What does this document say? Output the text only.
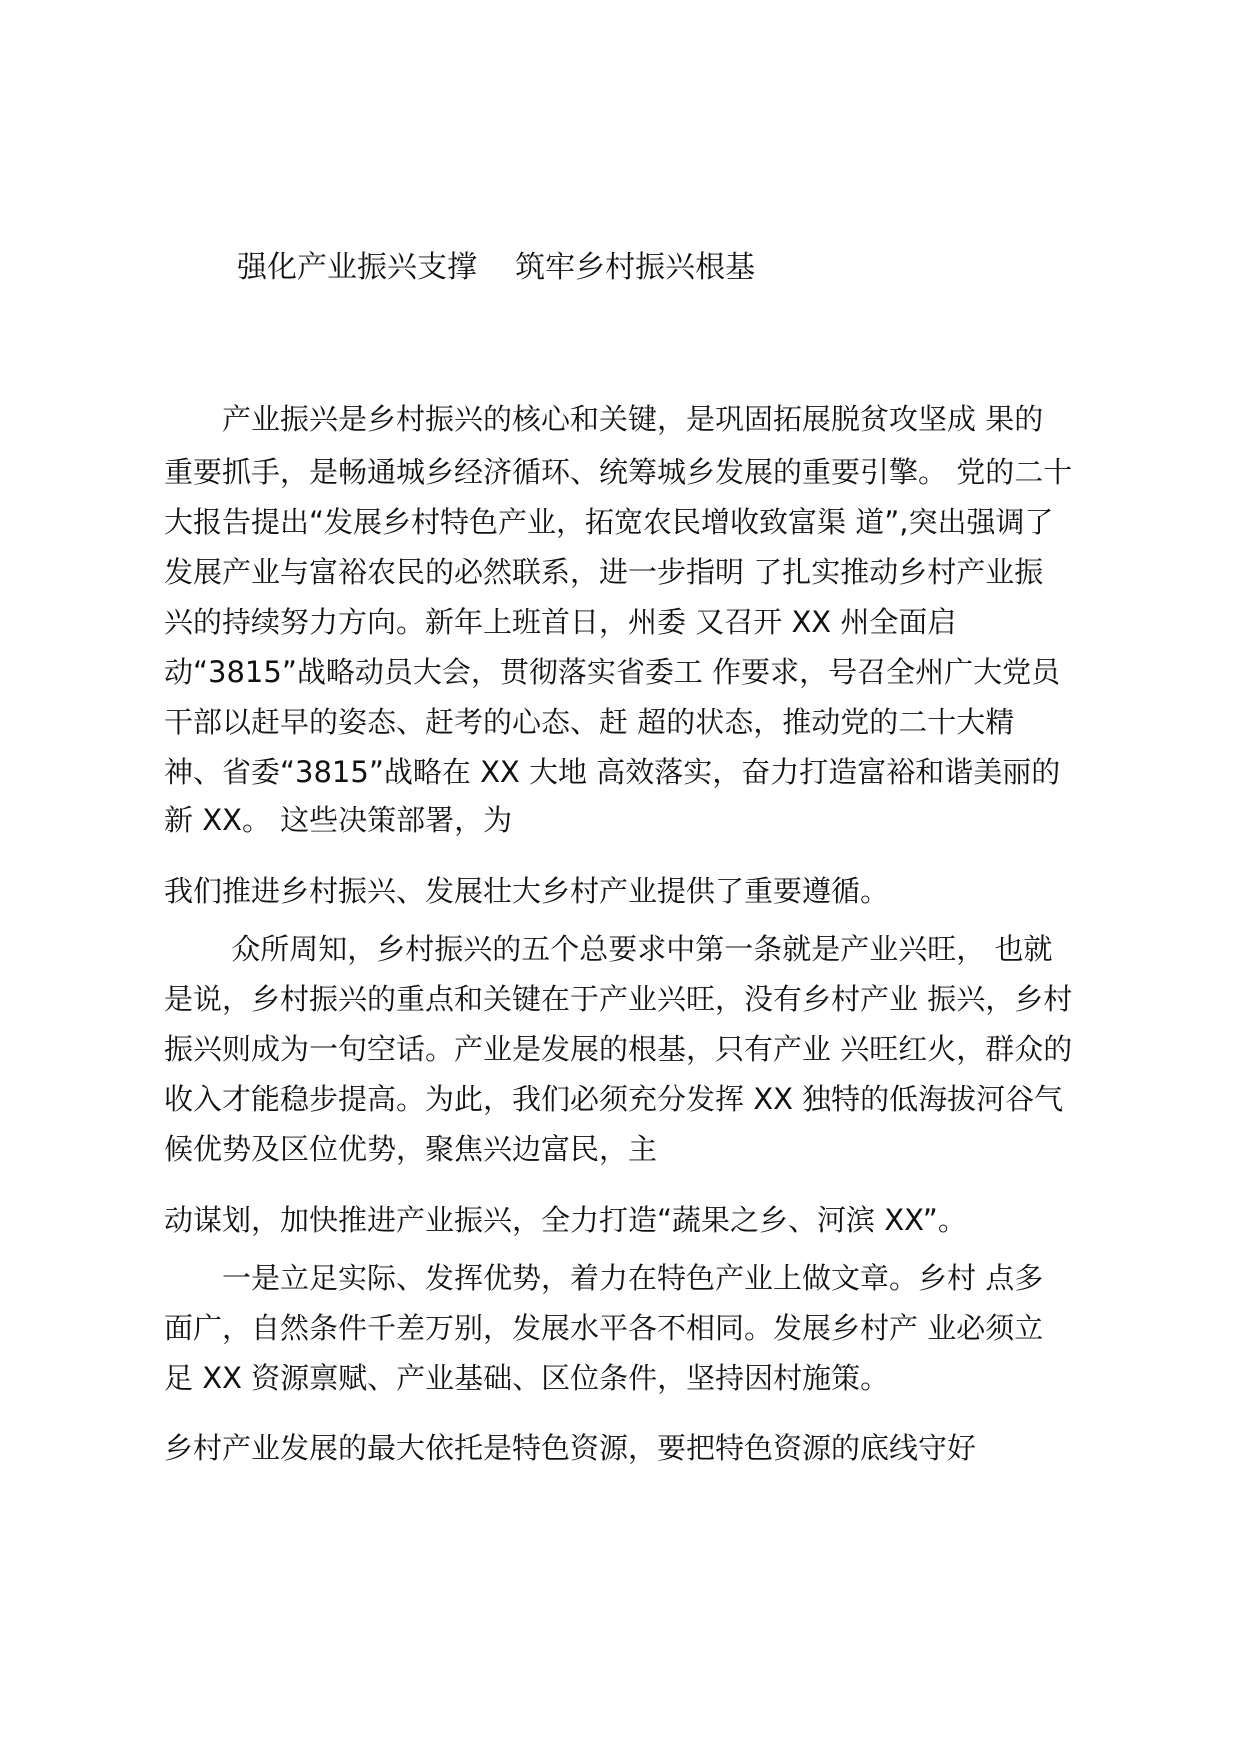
强化产业振兴支撑    筑牢乡村振兴根基

　　产业振兴是乡村振兴的核心和关键，是巩固拓展脱贫攻坚成 果的

重要抓手，是畅通城乡经济循环、统筹城乡发展的重要引擎。 党的二十

大报告提出“发展乡村特色产业，拓宽农民增收致富渠 道”,突出强调了

发展产业与富裕农民的必然联系，进一步指明 了扎实推动乡村产业振

兴的持续努力方向。新年上班首日，州委 又召开 XX 州全面启

动“3815”战略动员大会，贯彻落实省委工 作要求，号召全州广大党员

干部以赶早的姿态、赶考的心态、赶 超的状态，推动党的二十大精

神、省委“3815”战略在 XX 大地 高效落实，奋力打造富裕和谐美丽的

新 XX。 这些决策部署，为

我们推进乡村振兴、发展壮大乡村产业提供了重要遵循。

　　 众所周知，乡村振兴的五个总要求中第一条就是产业兴旺， 也就

是说，乡村振兴的重点和关键在于产业兴旺，没有乡村产业 振兴，乡村

振兴则成为一句空话。产业是发展的根基，只有产业 兴旺红火，群众的

收入才能稳步提高。为此，我们必须充分发挥 XX 独特的低海拔河谷气

候优势及区位优势，聚焦兴边富民，主

动谋划，加快推进产业振兴，全力打造“蔬果之乡、河滨 XX”。

　　一是立足实际、发挥优势，着力在特色产业上做文章。乡村 点多

面广，自然条件千差万别，发展水平各不相同。发展乡村产 业必须立

足 XX 资源禀赋、产业基础、区位条件，坚持因村施策。

乡村产业发展的最大依托是特色资源，要把特色资源的底线守好
